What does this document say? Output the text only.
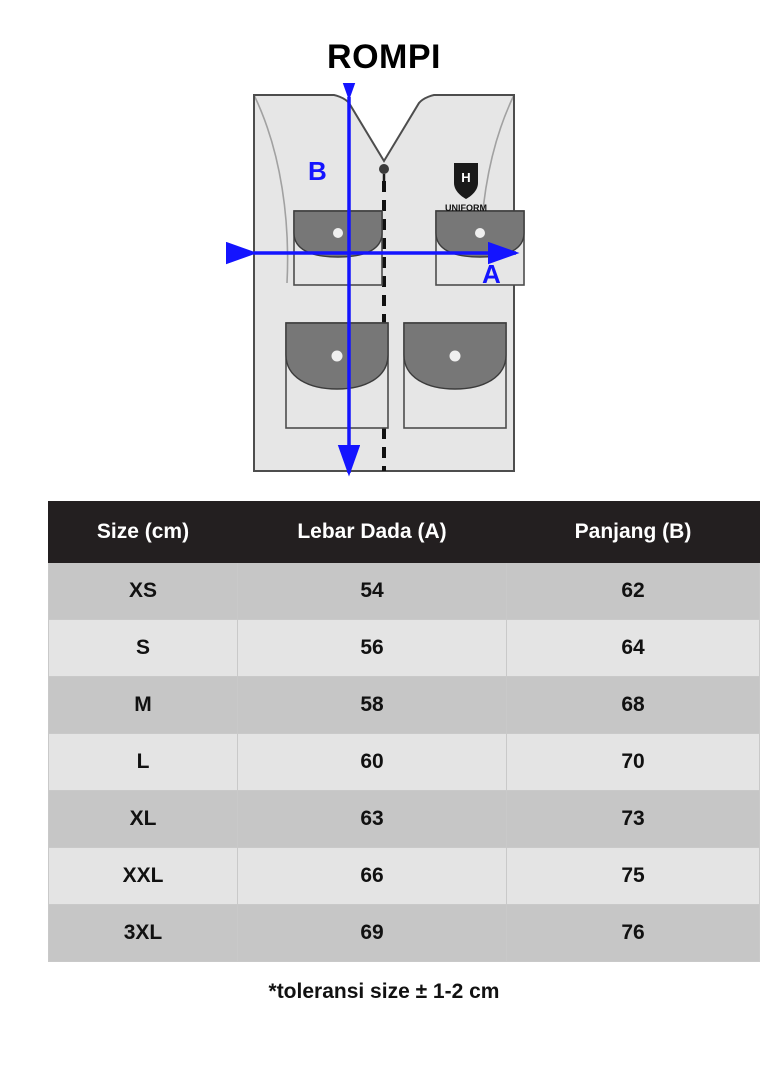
ROMPI
H
UNIFORM
A
B
Size (cm)	Lebar Dada (A)	Panjang (B)
XS	54	62
S	56	64
M	58	68
L	60	70
XL	63	73
XXL	66	75
3XL	69	76
*toleransi size ± 1-2 cm
